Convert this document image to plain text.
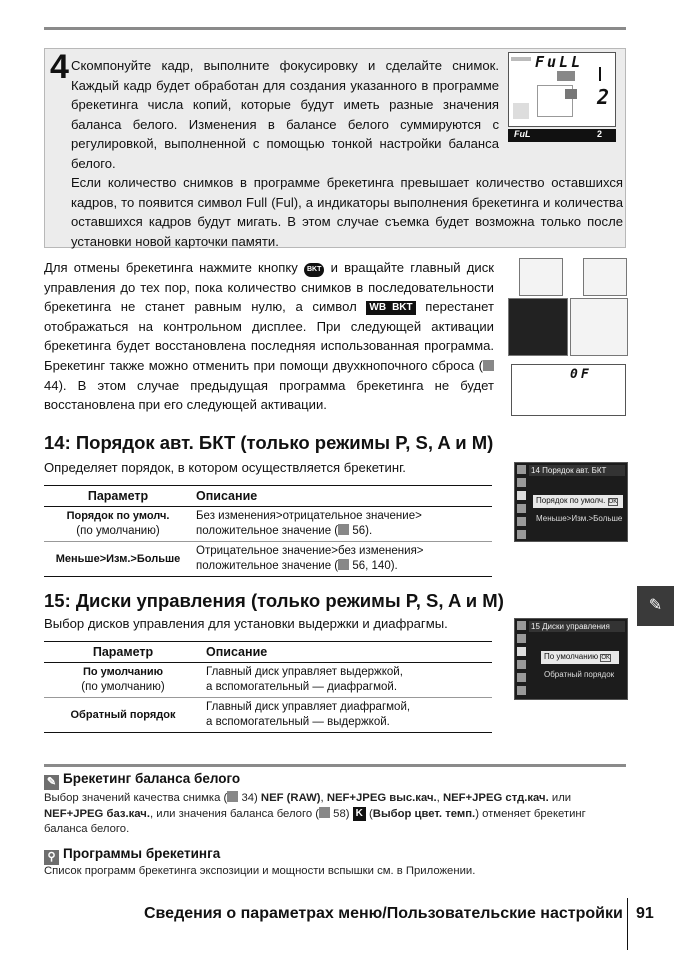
4 Скомпонуйте кадр, выполните фокусировку и сделайте снимок. Каждый кадр будет обработан для создания указанного в программе брекетинга числа копий, которые будут иметь разные значения баланса белого. Изменения в балансе белого суммируются с регулировкой, выполненной с помощью тонкой настройки баланса белого.
FuLL
2
FuL	2
Если количество снимков в программе брекетинга превышает количество оставшихся кадров, то появится символ Full (Ful), а индикаторы выполнения брекетинга и количества оставшихся кадров будут мигать. В этом случае съемка будет возможна только после установки новой карточки памяти.
Для отмены брекетинга нажмите кнопку BKT и вращайте главный диск управления до тех пор, пока количество снимков в последовательности брекетинга не станет равным нулю, а символ WB BKT перестанет отображаться на контрольном дисплее. При следующей активации брекетинга будет восстановлена последняя использованная программа. Брекетинг также можно отменить при помощи двухкнопочного сброса ( 44). В этом случае предыдущая программа брекетинга не будет восстановлена при его следующей активации.
0F
14: Порядок авт. БКТ (только режимы P, S, A и M)
Определяет порядок, в котором осуществляется брекетинг.
Параметр	Описание

Порядок по умолч.
(по умолчанию)	Без изменения>отрицательное значение>
положительное значение ( 56).

Меньше>Изм.>Больше	Отрицательное значение>без изменения>
положительное значение ( 56, 140).
14 Порядок авт. БКТ
Порядок по умолч. OK
Меньше>Изм.>Больше
15: Диски управления (только режимы P, S, A и M)
Выбор дисков управления для установки выдержки и диафрагмы.
Параметр	Описание

По умолчанию
(по умолчанию)	Главный диск управляет выдержкой,
а вспомогательный — диафрагмой.

Обратный порядок	Главный диск управляет диафрагмой,
а вспомогательный — выдержкой.
15 Диски управления
По умолчанию OK
Обратный порядок
✎
✎ Брекетинг баланса белого
Выбор значений качества снимка ( 34) NEF (RAW), NEF+JPEG выс.кач., NEF+JPEG стд.кач. или NEF+JPEG баз.кач., или значения баланса белого ( 58) K (Выбор цвет. темп.) отменяет брекетинг баланса белого.
⚲ Программы брекетинга
Список программ брекетинга экспозиции и мощности вспышки см. в Приложении.
Сведения о параметрах меню/Пользовательские настройки 91
